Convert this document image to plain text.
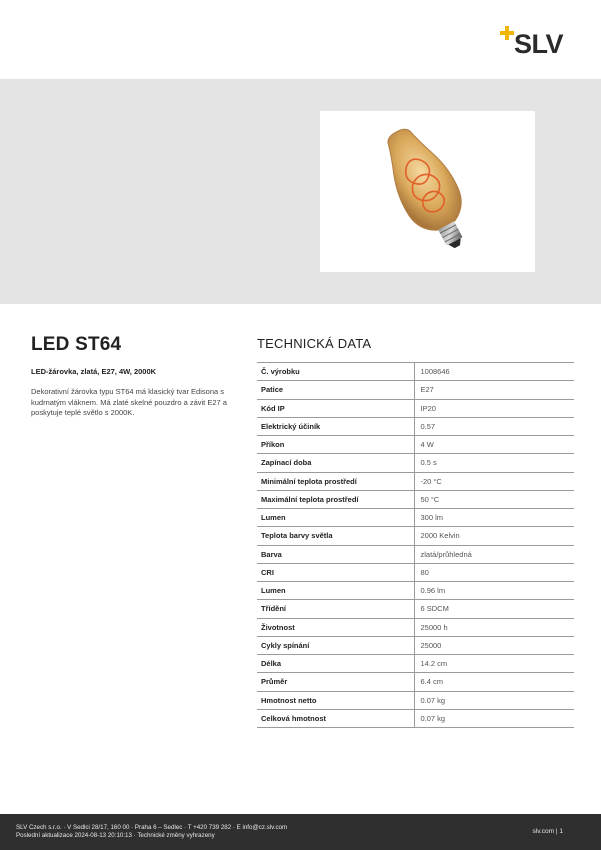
SLV
LED ST64
LED-žárovka, zlatá, E27, 4W, 2000K
Dekorativní žárovka typu ST64 má klasický tvar Edisona s kudrnatým vláknem. Má zlaté skelné pouzdro a závit E27 a poskytuje teplé světlo s 2000K.
TECHNICKÁ DATA
Č. výrobku	1008646
Patice	E27
Kód IP	IP20
Elektrický účiník	0.57
Příkon	4 W
Zapínací doba	0.5 s
Minimální teplota prostředí	-20 °C
Maximální teplota prostředí	50 °C
Lumen	300 lm
Teplota barvy světla	2000 Kelvin
Barva	zlatá/průhledná
CRI	80
Lumen	0.96 lm
Třídění	6 SDCM
Životnost	25000 h
Cykly spínání	25000
Délka	14.2 cm
Průměr	6.4 cm
Hmotnost netto	0.07 kg
Celková hmotnost	0.07 kg
SLV Czech s.r.o. · V Sedlci 28/17, 160 00 · Praha 6 – Sedlec · T +420 739 282 · E info@cz.slv.com
Poslední aktualizace 2024-08-13 20:10:13 · Technické změny vyhrazeny
slv.com | 1
